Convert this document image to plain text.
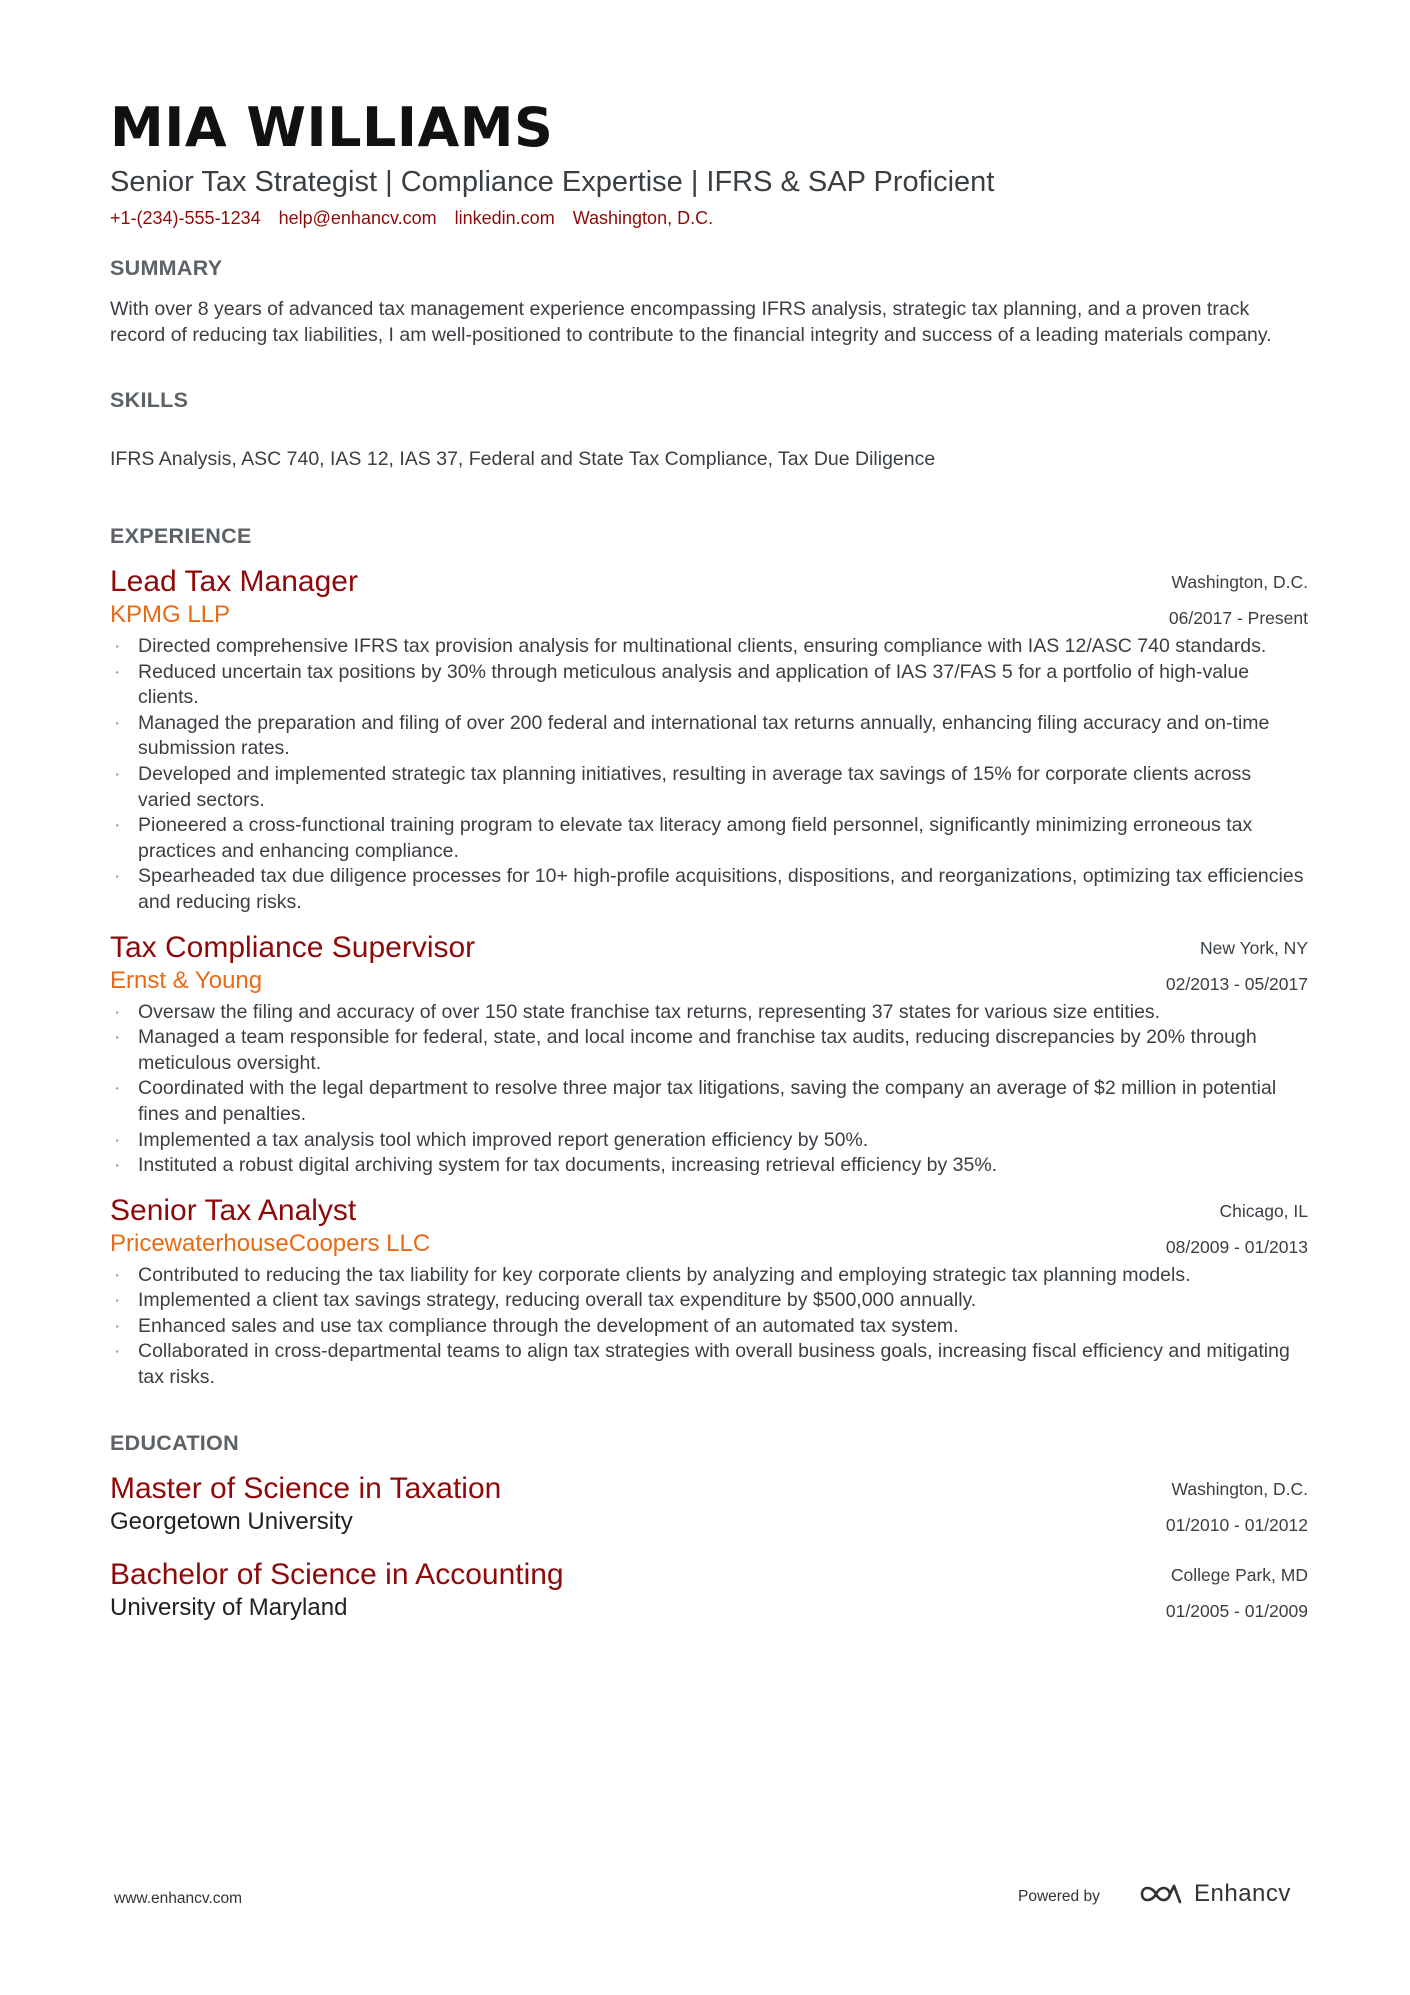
MIA WILLIAMS
Senior Tax Strategist | Compliance Expertise | IFRS & SAP Proficient
+1-(234)-555-1234 help@enhancv.com linkedin.com Washington, D.C.
SUMMARY

With over 8 years of advanced tax management experience encompassing IFRS analysis, strategic tax planning, and a proven track record of reducing tax liabilities, I am well-positioned to contribute to the financial integrity and success of a leading materials company.

SKILLS

IFRS Analysis, ASC 740, IAS 12, IAS 37, Federal and State Tax Compliance, Tax Due Diligence

EXPERIENCE
Lead Tax Manager
KPMG LLP
Washington, D.C.
06/2017 - Present
· Directed comprehensive IFRS tax provision analysis for multinational clients, ensuring compliance with IAS 12/ASC 740 standards.
· Reduced uncertain tax positions by 30% through meticulous analysis and application of IAS 37/FAS 5 for a portfolio of high-value clients.
· Managed the preparation and filing of over 200 federal and international tax returns annually, enhancing filing accuracy and on-time submission rates.
· Developed and implemented strategic tax planning initiatives, resulting in average tax savings of 15% for corporate clients across varied sectors.
· Pioneered a cross-functional training program to elevate tax literacy among field personnel, significantly minimizing erroneous tax practices and enhancing compliance.
· Spearheaded tax due diligence processes for 10+ high-profile acquisitions, dispositions, and reorganizations, optimizing tax efficiencies and reducing risks.
Tax Compliance Supervisor
Ernst & Young
New York, NY
02/2013 - 05/2017
· Oversaw the filing and accuracy of over 150 state franchise tax returns, representing 37 states for various size entities.
· Managed a team responsible for federal, state, and local income and franchise tax audits, reducing discrepancies by 20% through meticulous oversight.
· Coordinated with the legal department to resolve three major tax litigations, saving the company an average of $2 million in potential fines and penalties.
· Implemented a tax analysis tool which improved report generation efficiency by 50%.
· Instituted a robust digital archiving system for tax documents, increasing retrieval efficiency by 35%.
Senior Tax Analyst
PricewaterhouseCoopers LLC
Chicago, IL
08/2009 - 01/2013
· Contributed to reducing the tax liability for key corporate clients by analyzing and employing strategic tax planning models.
· Implemented a client tax savings strategy, reducing overall tax expenditure by $500,000 annually.
· Enhanced sales and use tax compliance through the development of an automated tax system.
· Collaborated in cross-departmental teams to align tax strategies with overall business goals, increasing fiscal efficiency and mitigating tax risks.
EDUCATION
Master of Science in Taxation
Georgetown University
Washington, D.C.
01/2010 - 01/2012
Bachelor of Science in Accounting
University of Maryland
College Park, MD
01/2005 - 01/2009
www.enhancv.com	Powered by	Enhancv
